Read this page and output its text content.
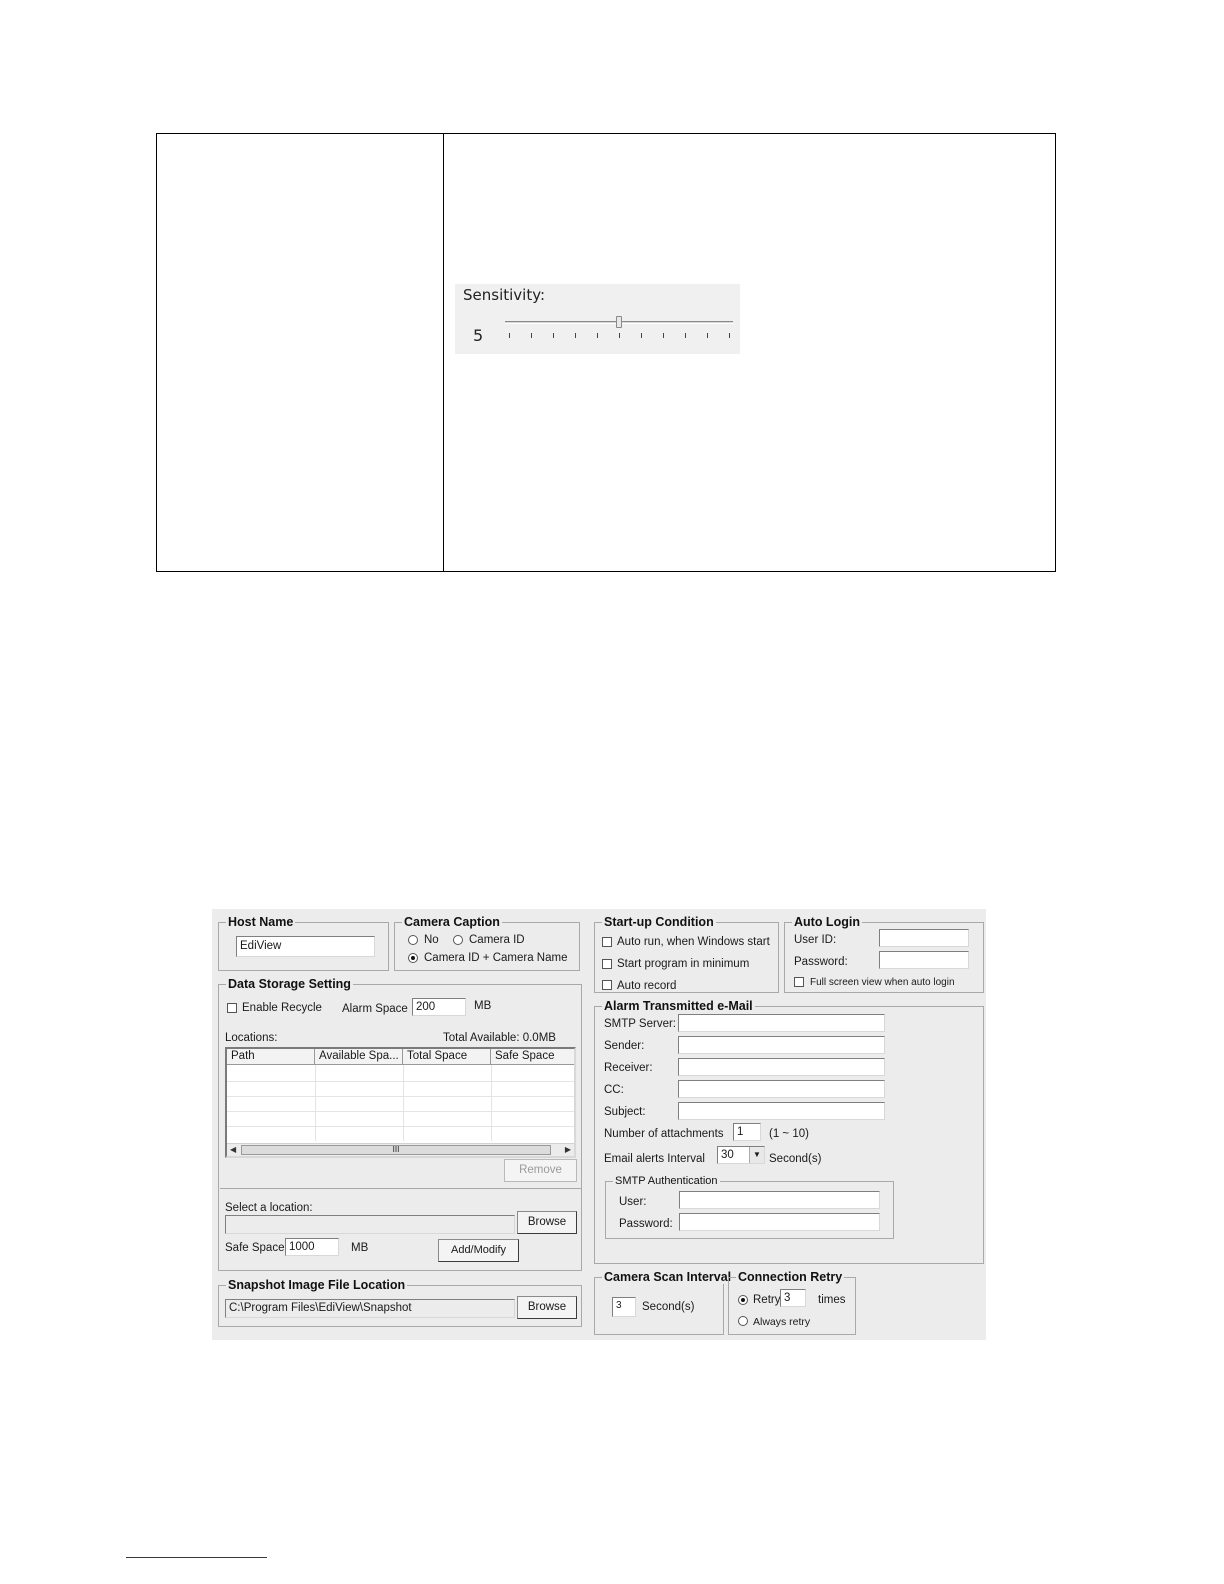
Sensitivity:
5
Host Name
EdiView
Camera Caption
No	Camera ID
Camera ID + Camera Name
Start-up Condition
Auto run, when Windows start
Start program in minimum
Auto record
Auto Login
User ID:
Password:
Full screen view when auto login
Data Storage Setting
Enable Recycle Alarm Space 200	MB
Locations:	Total Available: 0.0MB
Path	Available Spa... Total Space	Safe Space
◀	III	▶
Remove
Select a location:
Browse
Safe Space 1000	MB	Add/Modify
Snapshot Image File Location
C:\Program Files\EdiView\Snapshot	Browse
Alarm Transmitted e-Mail
SMTP Server:
Sender:
Receiver:
CC:
Subject:
Number of attachments	1	(1 ~ 10)
Email alerts Interval	30	▼ Second(s)
SMTP Authentication
User:
Password:
Camera Scan Interval
3	Second(s)
Connection Retry
Retry 3	times
Always retry
